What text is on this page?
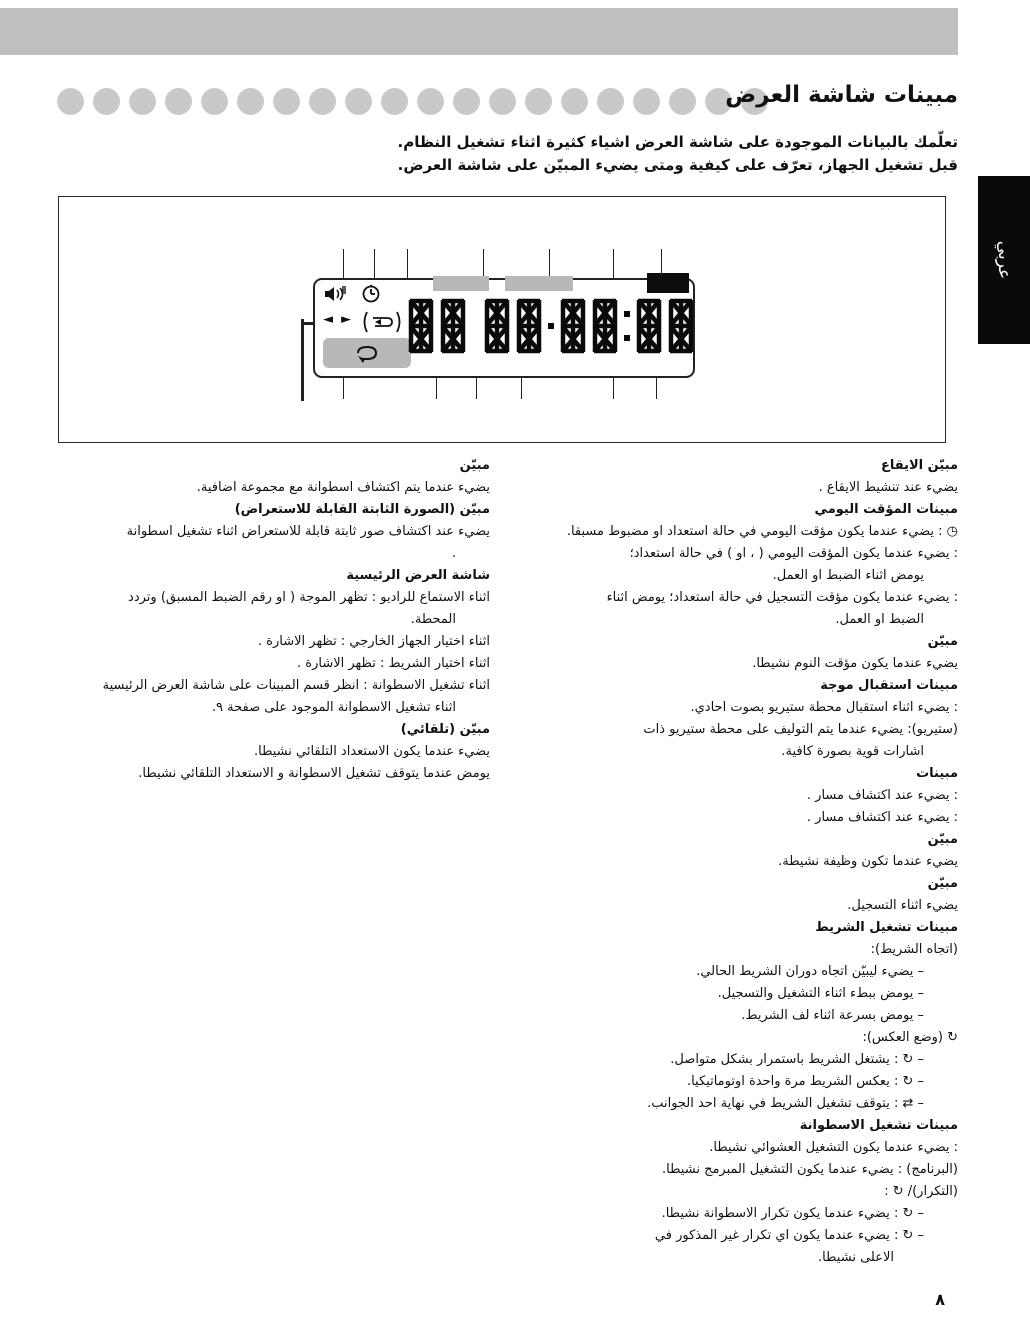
مبينات شاشة العرض
تعلّمك بالبيانات الموجودة على شاشة العرض اشياء كثيرة اثناء تشغيل النظام.
قبل تشغيل الجهاز، تعرّف على كيفية ومتى يضيء المبيّن على شاشة العرض.
عربي
◄ ►
مبيّن الايقاع
يضيء عند تنشيط الايقاع .
مبينات المؤقت اليومي
◷ : يضيء عندما يكون مؤقت اليومي في حالة استعداد او مضبوط مسبقا.
: يضيء عندما يكون المؤقت اليومي ( ، او ) في حالة استعداد؛
يومض اثناء الضبط او العمل.
: يضيء عندما يكون مؤقت التسجيل في حالة استعداد؛ يومض اثناء
الضبط او العمل.
مبيّن
يضيء عندما يكون مؤقت النوم نشيطا.
مبينات استقبال موجة
: يضيء اثناء استقبال محطة ستيريو بصوت احادي.
(ستيريو): يضيء عندما يتم التوليف على محطة ستيريو ذات
اشارات قوية بصورة كافية.
مبينات
: يضيء عند اكتشاف مسار .
: يضيء عند اكتشاف مسار .
مبيّن
يضيء عندما تكون وظيفة نشيطة.
مبيّن
يضيء اثناء التسجيل.
مبينات تشغيل الشريط
(اتجاه الشريط):
– يضيء ليبيّن اتجاه دوران الشريط الحالي.
– يومض ببطء اثناء التشغيل والتسجيل.
– يومض بسرعة اثناء لف الشريط.
↻ (وضع العكس):
– ↻ : يشتغل الشريط باستمرار بشكل متواصل.
– ↻ : يعكس الشريط مرة واحدة اوتوماتيكيا.
– ⇄ : يتوقف تشغيل الشريط في نهاية احد الجوانب.
مبينات تشغيل الاسطوانة
: يضيء عندما يكون التشغيل العشوائي نشيطا.
(البرنامج) : يضيء عندما يكون التشغيل المبرمج نشيطا.
(التكرار)/ ↻ :
– ↻ : يضيء عندما يكون تكرار الاسطوانة نشيطا.
– ↻ : يضيء عندما يكون اي تكرار غير المذكور في
الاعلى نشيطا.
مبيّن
يضيء عندما يتم اكتشاف اسطوانة مع مجموعة اضافية.
مبيّن (الصورة الثابتة القابلة للاستعراض)
يضيء عند اكتشاف صور ثابتة قابلة للاستعراض اثناء تشغيل اسطوانة
.
شاشة العرض الرئيسية
اثناء الاستماع للراديو : تظهر الموجة ( او رقم الضبط المسبق) وتردد
المحطة.
اثناء اختيار الجهاز الخارجي : تظهر الاشارة .
اثناء اختيار الشريط : تظهر الاشارة .
اثناء تشغيل الاسطوانة : انظر قسم المبينات على شاشة العرض الرئيسية
اثناء تشغيل الاسطوانة الموجود على صفحة ٩.
مبيّن (تلقائي)
يضيء عندما يكون الاستعداد التلقائي نشيطا.
يومض عندما يتوقف تشغيل الاسطوانة و الاستعداد التلقائي نشيطا.
٨
